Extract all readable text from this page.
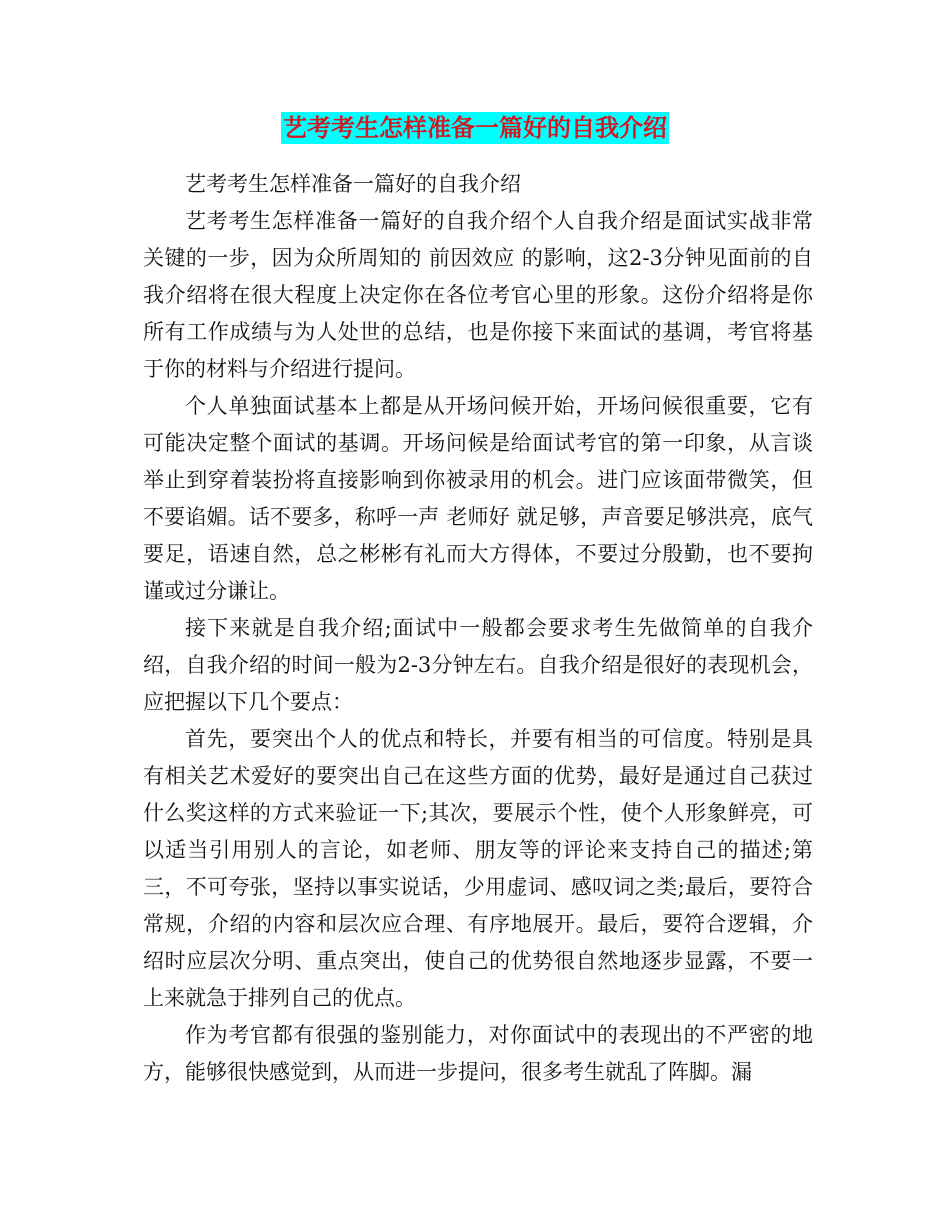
艺考考生怎样准备一篇好的自我介绍

艺考考生怎样准备一篇好的自我介绍

艺考考生怎样准备一篇好的自我介绍个人自我介绍是面试实战非常关键的一步，因为众所周知的 前因效应 的影响，这2-3分钟见面前的自我介绍将在很大程度上决定你在各位考官心里的形象。这份介绍将是你所有工作成绩与为人处世的总结，也是你接下来面试的基调，考官将基于你的材料与介绍进行提问。

个人单独面试基本上都是从开场问候开始，开场问候很重要，它有可能决定整个面试的基调。开场问候是给面试考官的第一印象，从言谈举止到穿着装扮将直接影响到你被录用的机会。进门应该面带微笑，但不要谄媚。话不要多，称呼一声 老师好 就足够，声音要足够洪亮，底气要足，语速自然，总之彬彬有礼而大方得体，不要过分殷勤，也不要拘谨或过分谦让。

接下来就是自我介绍;面试中一般都会要求考生先做简单的自我介绍，自我介绍的时间一般为2-3分钟左右。自我介绍是很好的表现机会，应把握以下几个要点：

首先，要突出个人的优点和特长，并要有相当的可信度。特别是具有相关艺术爱好的要突出自己在这些方面的优势，最好是通过自己获过什么奖这样的方式来验证一下;其次，要展示个性，使个人形象鲜亮，可以适当引用别人的言论，如老师、朋友等的评论来支持自己的描述;第三，不可夸张，坚持以事实说话，少用虚词、感叹词之类;最后，要符合常规，介绍的内容和层次应合理、有序地展开。最后，要符合逻辑，介绍时应层次分明、重点突出，使自己的优势很自然地逐步显露，不要一上来就急于排列自己的优点。

作为考官都有很强的鉴别能力，对你面试中的表现出的不严密的地方，能够很快感觉到，从而进一步提问，很多考生就乱了阵脚。漏
